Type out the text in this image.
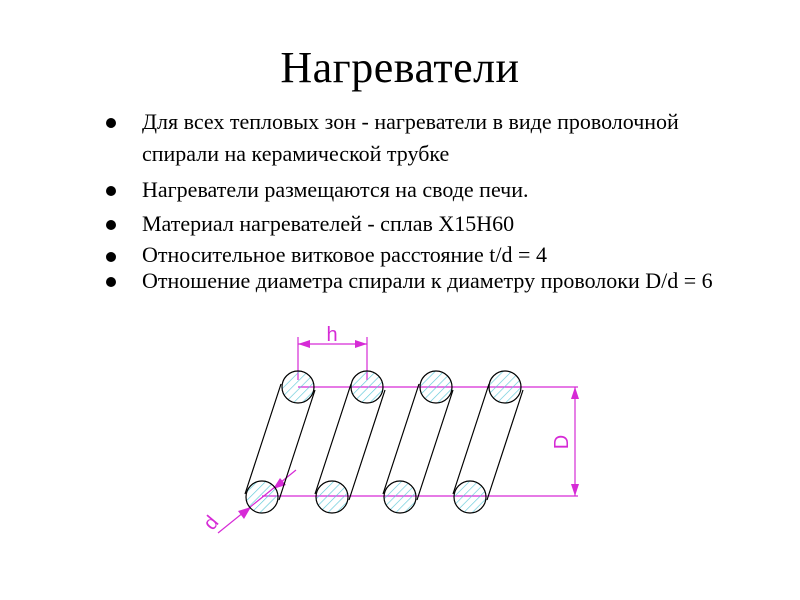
Нагреватели
Для всех тепловых зон - нагреватели в виде проволочной спирали на керамической трубке
Нагреватели размещаются на своде печи.
Материал нагревателей - сплав Х15Н60
Относительное витковое расстояние t/d = 4
Отношение диаметра спирали к диаметру проволоки D/d = 6
h
D
d
